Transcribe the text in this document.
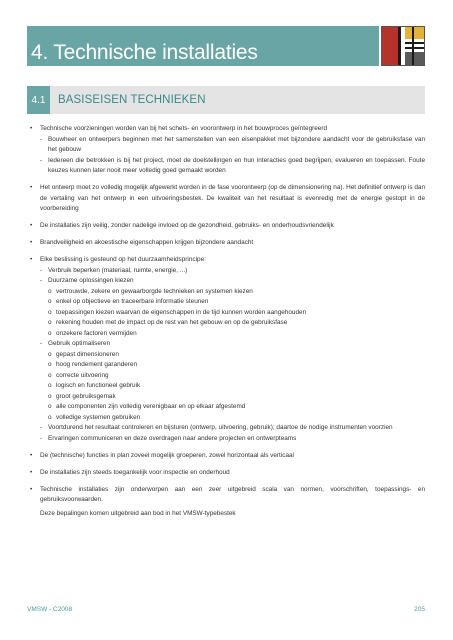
4. Technische installaties
4.1	BASISEISEN TECHNIEKEN
• Technische voorzieningen worden van bij het schets- en voorontwerp in het bouwproces geïntegreerd
- Bouwheer en ontwerpers beginnen met het samenstellen van een eisenpakket met bijzondere aandacht voor de gebruiksfase van het gebouw
- Iedereen die betrokken is bij het project, moet de doelstellingen en hun interacties goed begrijpen, evalueren en toepassen. Foute keuzes kunnen later nooit meer volledig goed gemaakt worden
• Het ontwerp moet zo volledig mogelijk afgewerkt worden in de fase voorontwerp (op de dimensionering na). Het definitief ontwerp is dan de vertaling van het ontwerp in een uitvoeringsbestek. De kwaliteit van het resultaat is evenredig met de energie gestopt in de voorbereiding
• De installaties zijn veilig, zonder nadelige invloed op de gezondheid, gebruiks- en onderhoudsvriendelijk
• Brandveiligheid en akoestische eigenschappen krijgen bijzondere aandacht
• Elke beslissing is gesteund op het duurzaamheidsprincipe:
- Verbruik beperken (materiaal, ruimte, energie, ...)
- Duurzame oplossingen kiezen
o vertrouwde, zekere en gewaarborgde technieken en systemen kiezen
o enkel op objectieve en traceerbare informatie steunen
o toepassingen kiezen waarvan de eigenschappen in de tijd kunnen worden aangehouden
o rekening houden met de impact op de rest van het gebouw en op de gebruiksfase
o onzekere factoren vermijden
- Gebruik optimaliseren
o gepast dimensioneren
o hoog rendement garanderen
o correcte uitvoering
o logisch en functioneel gebruik
o groot gebruiksgemak
o alle componenten zijn volledig verenigbaar en op elkaar afgestemd
o volledige systemen gebruiken
- Voortdurend het resultaat controleren en bijsturen (ontwerp, uitvoering, gebruik); daartoe de nodige instrumenten voorzien
- Ervaringen communiceren en deze overdragen naar andere projecten en ontwerpteams
• De (technische) functies in plan zoveel mogelijk groeperen, zowel horizontaal als verticaal
• De installaties zijn steeds toegankelijk voor inspectie en onderhoud
• Technische installaties zijn onderworpen aan een zeer uitgebreid scala van normen, voorschriften, toepassings- en gebruiksvoorwaarden.
Deze bepalingen komen uitgebreid aan bod in het VMSW-typebestek
VMSW - C2008	205
